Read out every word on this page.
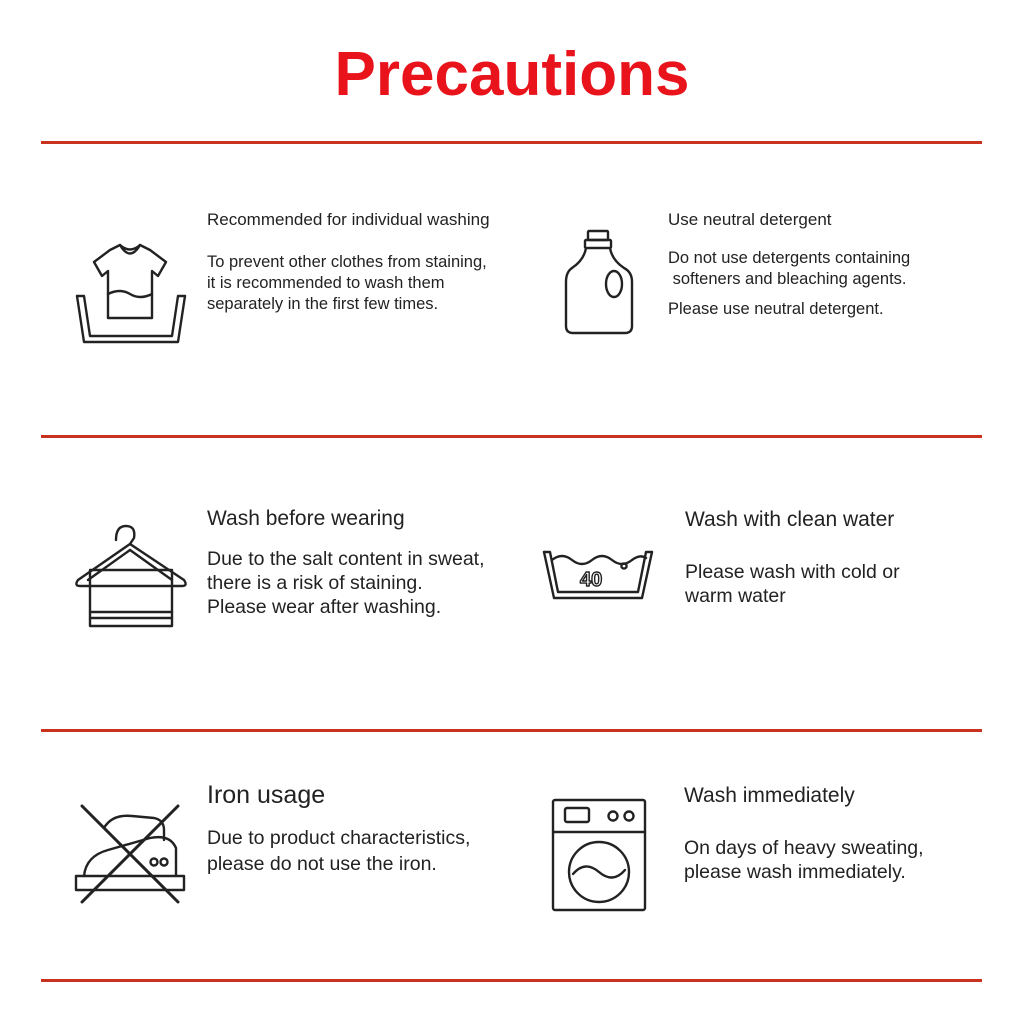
Precautions
Recommended for individual washing
To prevent other clothes from staining,
it is recommended to wash them
separately in the first few times.
Use neutral detergent
Do not use detergents containing
softeners and bleaching agents.
Please use neutral detergent.
Wash before wearing
Due to the salt content in sweat,
there is a risk of staining.
Please wear after washing.
40
Wash with clean water
Please wash with cold or
warm water
Iron usage
Due to product characteristics,
please do not use the iron.
Wash immediately
On days of heavy sweating,
please wash immediately.
